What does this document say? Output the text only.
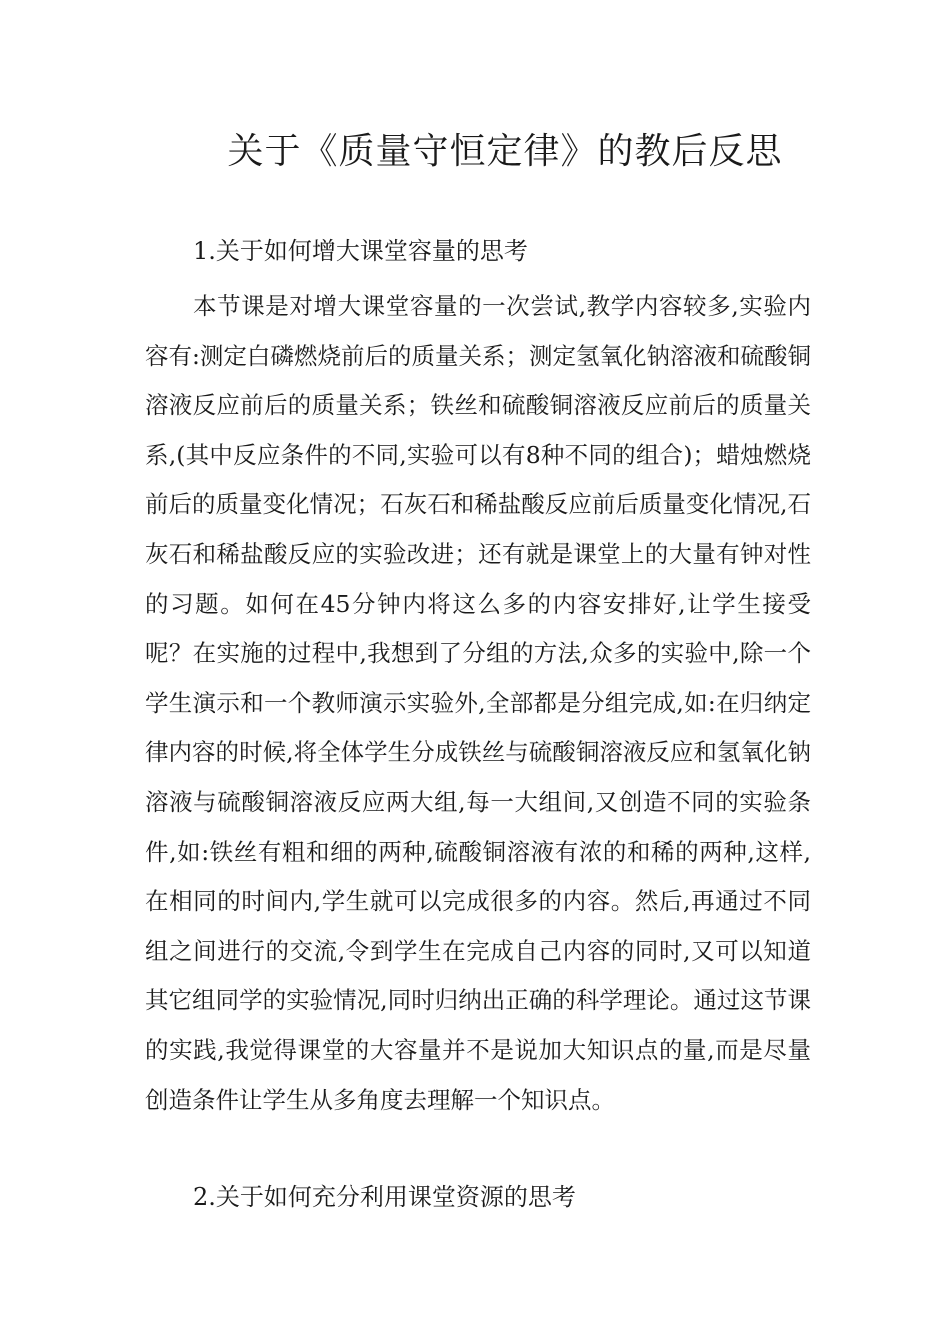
关于《质量守恒定律》的教后反思
1.关于如何增大课堂容量的思考

本节课是对增大课堂容量的一次尝试,教学内容较多,实验内容有:测定白磷燃烧前后的质量关系；测定氢氧化钠溶液和硫酸铜溶液反应前后的质量关系；铁丝和硫酸铜溶液反应前后的质量关系,(其中反应条件的不同,实验可以有8种不同的组合)；蜡烛燃烧前后的质量变化情况；石灰石和稀盐酸反应前后质量变化情况,石灰石和稀盐酸反应的实验改进；还有就是课堂上的大量有钟对性的习题。如何在45分钟内将这么多的内容安排好,让学生接受呢？在实施的过程中,我想到了分组的方法,众多的实验中,除一个学生演示和一个教师演示实验外,全部都是分组完成,如:在归纳定律内容的时候,将全体学生分成铁丝与硫酸铜溶液反应和氢氧化钠溶液与硫酸铜溶液反应两大组,每一大组间,又创造不同的实验条件,如:铁丝有粗和细的两种,硫酸铜溶液有浓的和稀的两种,这样,在相同的时间内,学生就可以完成很多的内容。然后,再通过不同组之间进行的交流,令到学生在完成自己内容的同时,又可以知道其它组同学的实验情况,同时归纳出正确的科学理论。通过这节课的实践,我觉得课堂的大容量并不是说加大知识点的量,而是尽量创造条件让学生从多角度去理解一个知识点。

2.关于如何充分利用课堂资源的思考
